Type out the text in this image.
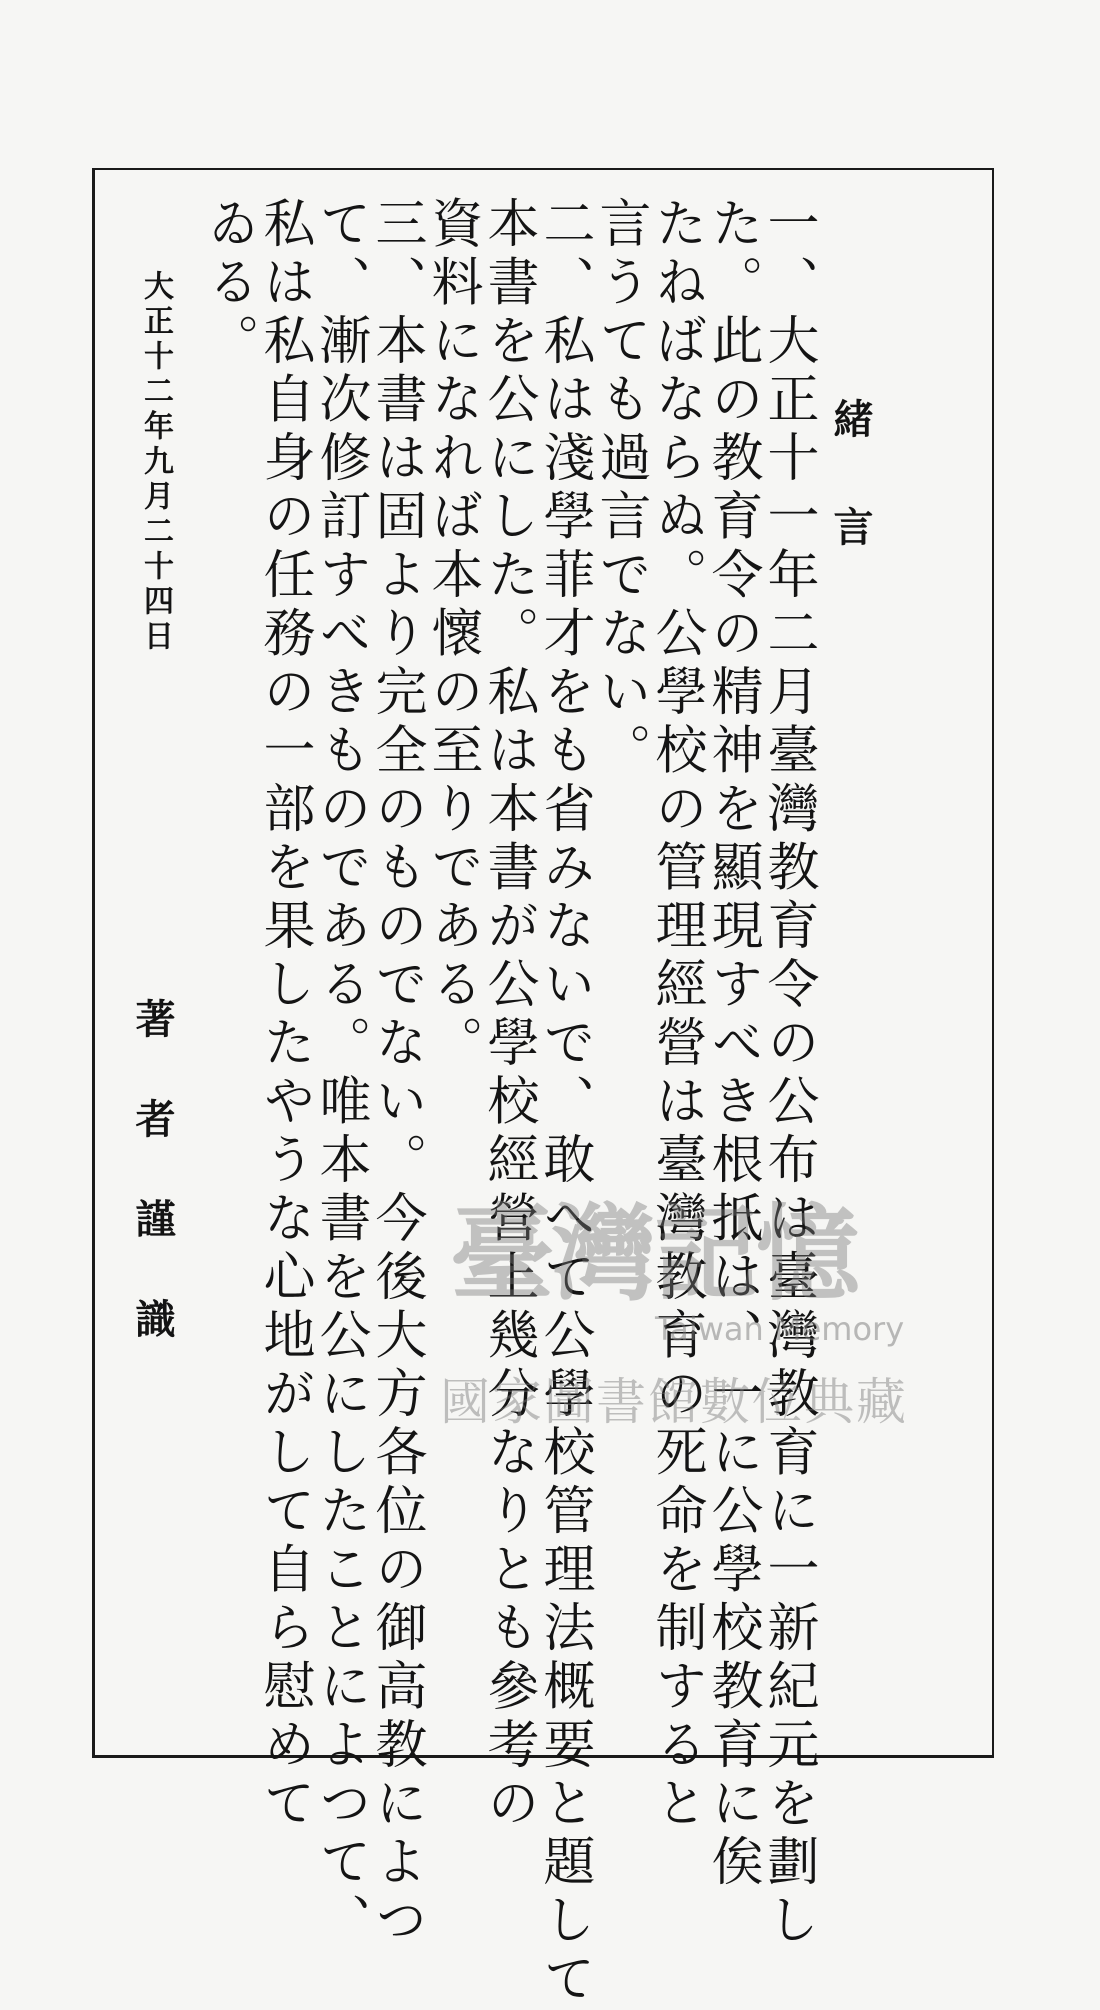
緒言
一、大正十一年二月臺灣教育令の公布は臺灣教育に一新紀元を劃し
た。此の教育令の精神を顯現すべき根抵は、一に公學校教育に俟
たねばならぬ。公學校の管理經營は臺灣教育の死命を制すると
言うても過言でない。
二、私は淺學菲才をも省みないで、敢へて公學校管理法概要と題して
本書を公にした。私は本書が公學校經營上幾分なりとも參考の
資料になれば本懷の至りである。
三、本書は固より完全のものでない。今後大方各位の御高教によつ
て、漸次修訂すべきものである。唯本書を公にしたことによつて、
私は私自身の任務の一部を果したやうな心地がして自ら慰めて
ゐる。
大正十二年九月二十四日
著者謹識	臺灣記憶
Taiwan Memory
國家圖書館數位典藏
